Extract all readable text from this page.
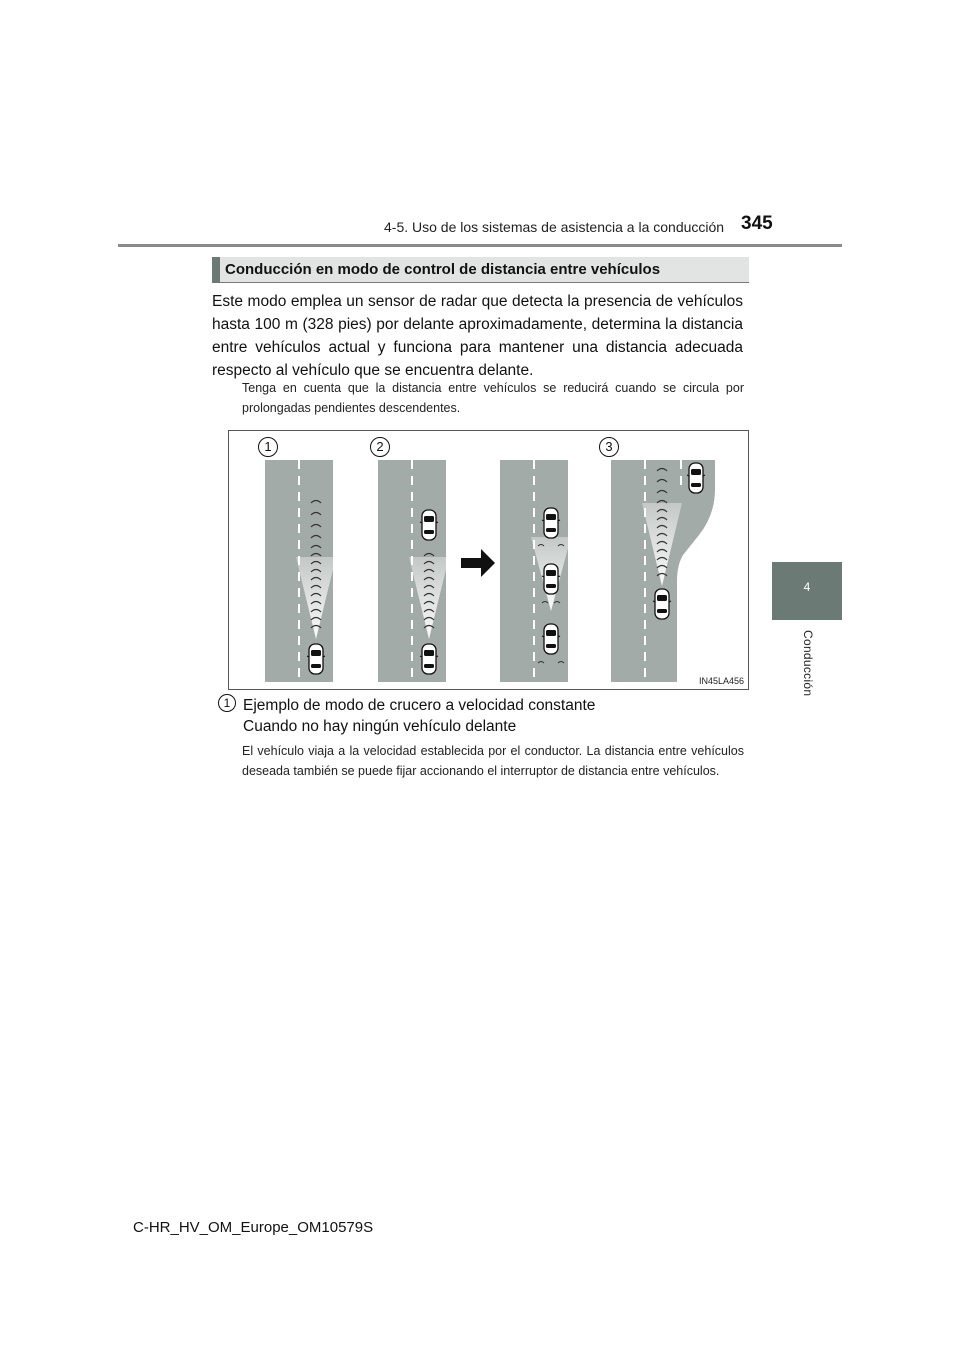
4-5. Uso de los sistemas de asistencia a la conducción 345
4
Conducción
Conducción en modo de control de distancia entre vehículos
Este modo emplea un sensor de radar que detecta la presencia de vehículos hasta 100 m (328 pies) por delante aproximadamente, determina la distancia entre vehículos actual y funciona para mantener una distancia adecuada respecto al vehículo que se encuentra delante.
Tenga en cuenta que la distancia entre vehículos se reducirá cuando se circula por prolongadas pendientes descendentes.
1	2	3
IN45LA456
1 Ejemplo de modo de crucero a velocidad constante
Cuando no hay ningún vehículo delante
El vehículo viaja a la velocidad establecida por el conductor. La distancia entre vehículos deseada también se puede fijar accionando el interruptor de distancia entre vehículos.
C-HR_HV_OM_Europe_OM10579S
